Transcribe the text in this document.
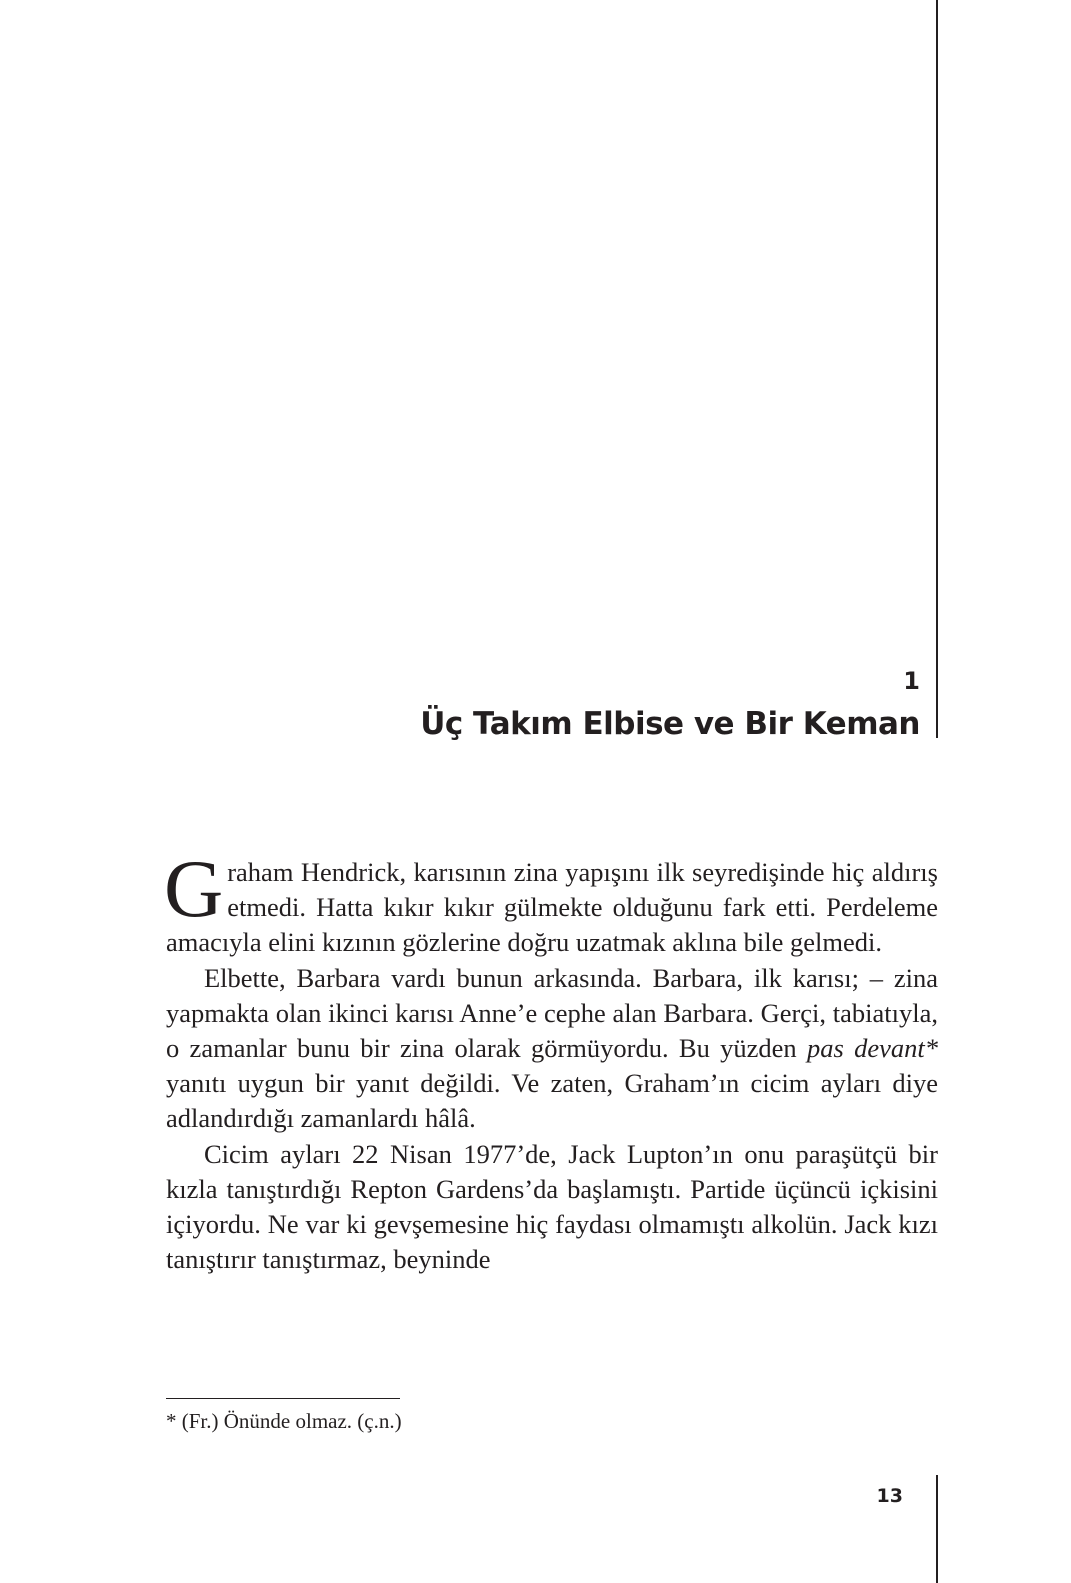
1
Üç Takım Elbise ve Bir Keman

Graham Hendrick, karısının zina yapışını ilk seyredişinde hiç aldırış etmedi. Hatta kıkır kıkır gülmekte olduğunu fark etti. Perdeleme amacıyla elini kızının gözlerine doğru uzatmak aklına bile gelmedi.

Elbette, Barbara vardı bunun arkasında. Barbara, ilk karısı; – zina yapmakta olan ikinci karısı Anne’e cephe alan Barbara. Gerçi, tabiatıyla, o zamanlar bunu bir zina olarak görmüyordu. Bu yüzden pas devant* yanıtı uygun bir yanıt değildi. Ve zaten, Graham’ın cicim ayları diye adlandırdığı zamanlardı hâlâ.

Cicim ayları 22 Nisan 1977’de, Jack Lupton’ın onu paraşütçü bir kızla tanıştırdığı Repton Gardens’da başlamıştı. Partide üçüncü içkisini içiyordu. Ne var ki gevşemesine hiç faydası olmamıştı alkolün. Jack kızı tanıştırır tanıştırmaz, beyninde

* (Fr.) Önünde olmaz. (ç.n.)
13
